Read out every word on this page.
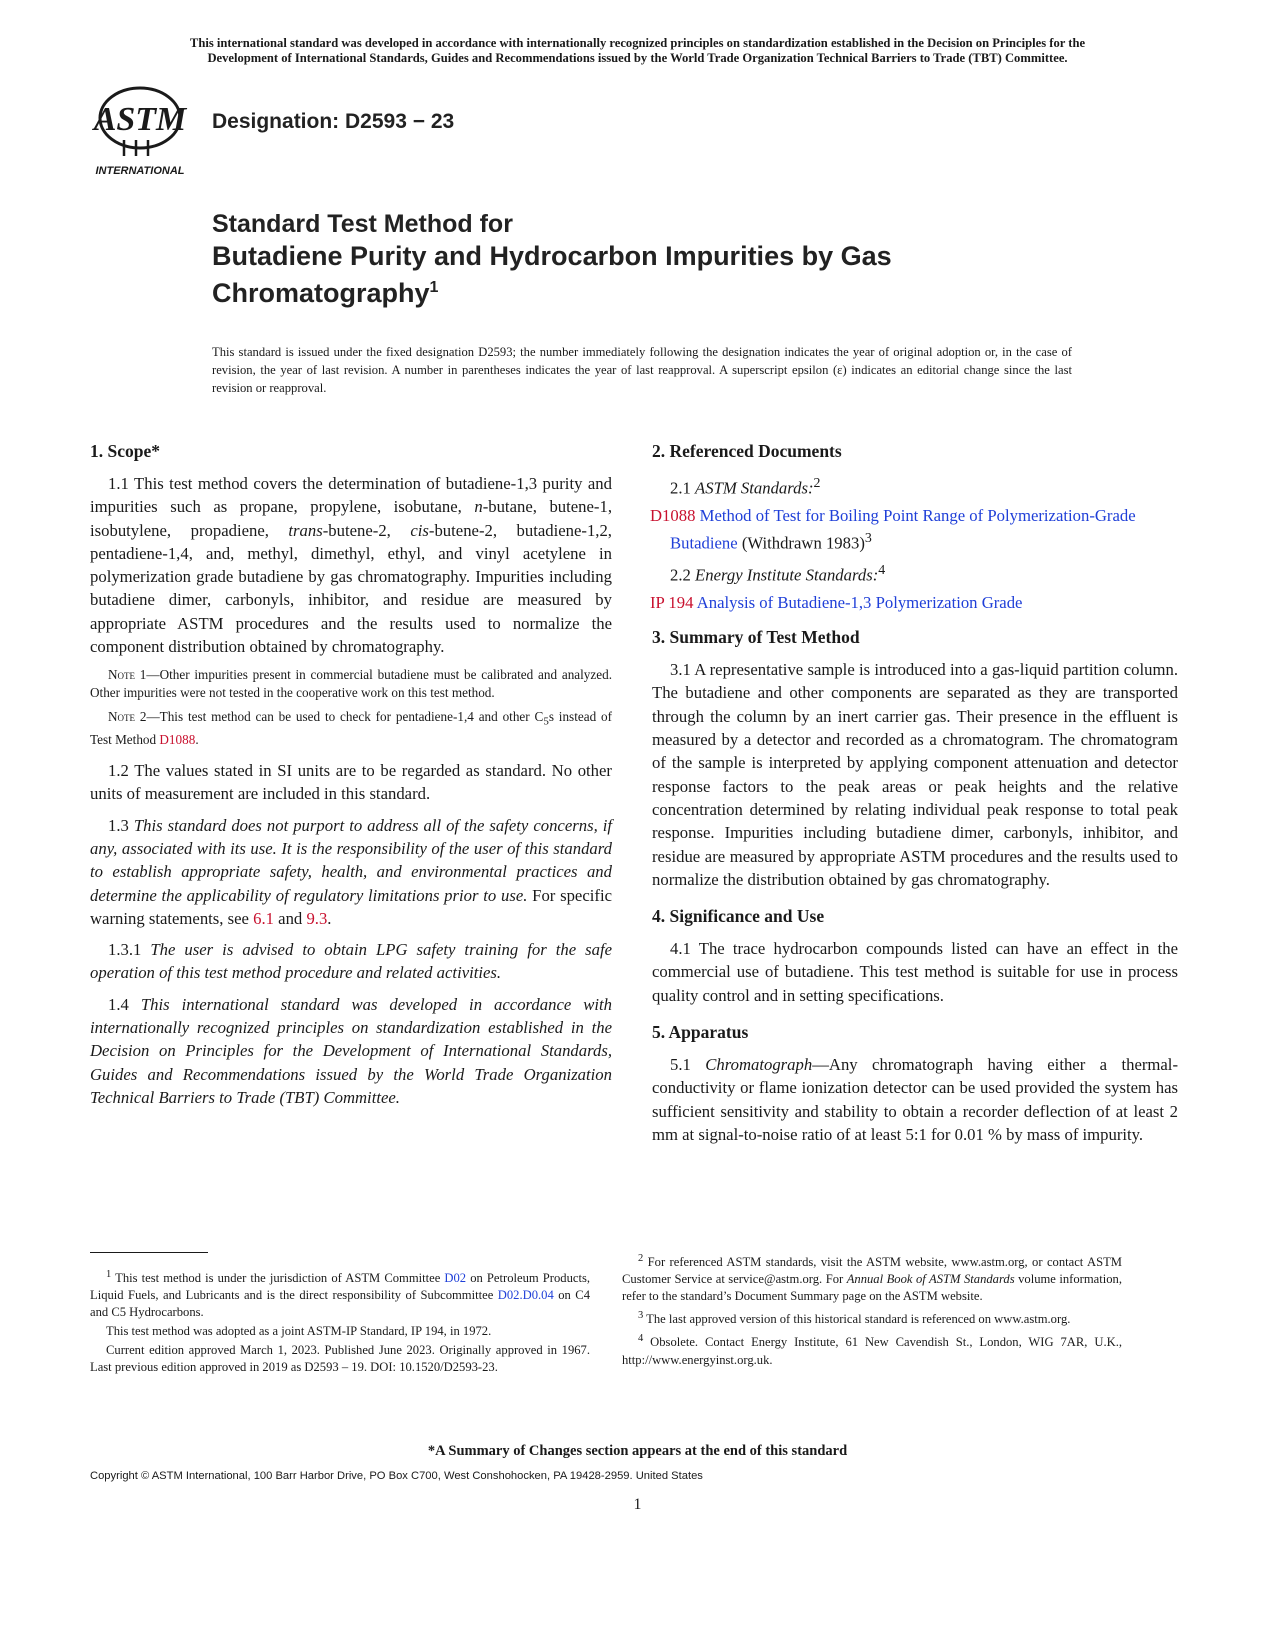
This international standard was developed in accordance with internationally recognized principles on standardization established in the Decision on Principles for the
Development of International Standards, Guides and Recommendations issued by the World Trade Organization Technical Barriers to Trade (TBT) Committee.
ASTM
INTERNATIONAL
Designation: D2593 − 23
Standard Test Method for
Butadiene Purity and Hydrocarbon Impurities by Gas
Chromatography$^1$
This standard is issued under the fixed designation D2593; the number immediately following the designation indicates the year of original adoption or, in the case of revision, the year of last revision. A number in parentheses indicates the year of last reapproval. A superscript epsilon (ε) indicates an editorial change since the last revision or reapproval.
1. Scope*

1.1 This test method covers the determination of butadiene-1,3 purity and impurities such as propane, propylene, isobutane, n-butane, butene-1, isobutylene, propadiene, trans-butene-2, cis-butene-2, butadiene-1,2, pentadiene-1,4, and, methyl, dimethyl, ethyl, and vinyl acetylene in polymerization grade butadiene by gas chromatography. Impurities including butadiene dimer, carbonyls, inhibitor, and residue are measured by appropriate ASTM procedures and the results used to normalize the component distribution obtained by chromatography.

Note 1—Other impurities present in commercial butadiene must be calibrated and analyzed. Other impurities were not tested in the cooperative work on this test method.

Note 2—This test method can be used to check for pentadiene-1,4 and other $C_5s$ instead of Test Method D1088.

1.2 The values stated in SI units are to be regarded as standard. No other units of measurement are included in this standard.

1.3 This standard does not purport to address all of the safety concerns, if any, associated with its use. It is the responsibility of the user of this standard to establish appropriate safety, health, and environmental practices and determine the applicability of regulatory limitations prior to use. For specific warning statements, see 6.1 and 9.3.

1.3.1 The user is advised to obtain LPG safety training for the safe operation of this test method procedure and related activities.

1.4 This international standard was developed in accordance with internationally recognized principles on standardization established in the Decision on Principles for the Development of International Standards, Guides and Recommendations issued by the World Trade Organization Technical Barriers to Trade (TBT) Committee.

2. Referenced Documents
2.1 ASTM Standards:$^2$
D1088 Method of Test for Boiling Point Range of Polymerization-Grade Butadiene (Withdrawn 1983)$^3$
2.2 Energy Institute Standards:$^4$
IP 194 Analysis of Butadiene-1,3 Polymerization Grade
3. Summary of Test Method

3.1 A representative sample is introduced into a gas-liquid partition column. The butadiene and other components are separated as they are transported through the column by an inert carrier gas. Their presence in the effluent is measured by a detector and recorded as a chromatogram. The chromatogram of the sample is interpreted by applying component attenuation and detector response factors to the peak areas or peak heights and the relative concentration determined by relating individual peak response to total peak response. Impurities including butadiene dimer, carbonyls, inhibitor, and residue are measured by appropriate ASTM procedures and the results used to normalize the distribution obtained by gas chromatography.

4. Significance and Use

4.1 The trace hydrocarbon compounds listed can have an effect in the commercial use of butadiene. This test method is suitable for use in process quality control and in setting specifications.

5. Apparatus

5.1 Chromatograph—Any chromatograph having either a thermal-conductivity or flame ionization detector can be used provided the system has sufficient sensitivity and stability to obtain a recorder deflection of at least 2 mm at signal-to-noise ratio of at least 5:1 for 0.01 % by mass of impurity.

$^1$ This test method is under the jurisdiction of ASTM Committee D02 on Petroleum Products, Liquid Fuels, and Lubricants and is the direct responsibility of Subcommittee D02.D0.04 on C4 and C5 Hydrocarbons.

This test method was adopted as a joint ASTM-IP Standard, IP 194, in 1972.

Current edition approved March 1, 2023. Published June 2023. Originally approved in 1967. Last previous edition approved in 2019 as D2593 – 19. DOI: 10.1520/D2593-23.

$^2$ For referenced ASTM standards, visit the ASTM website, www.astm.org, or contact ASTM Customer Service at service@astm.org. For Annual Book of ASTM Standards volume information, refer to the standard’s Document Summary page on the ASTM website.

$^3$ The last approved version of this historical standard is referenced on www.astm.org.

$^4$ Obsolete. Contact Energy Institute, 61 New Cavendish St., London, WIG 7AR, U.K., http://www.energyinst.org.uk.

*A Summary of Changes section appears at the end of this standard
Copyright © ASTM International, 100 Barr Harbor Drive, PO Box C700, West Conshohocken, PA 19428-2959. United States
1
